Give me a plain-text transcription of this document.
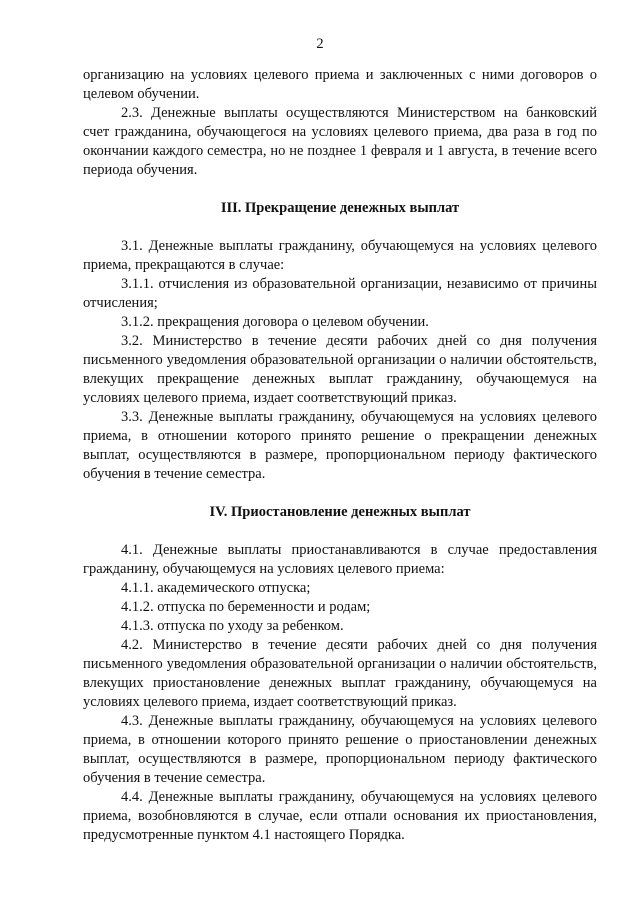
2

организацию на условиях целевого приема и заключенных с ними договоров о целевом обучении.

2.3. Денежные выплаты осуществляются Министерством на банковский счет гражданина, обучающегося на условиях целевого приема, два раза в год по окончании каждого семестра, но не позднее 1 февраля и 1 августа, в течение всего периода обучения.

III. Прекращение денежных выплат

3.1. Денежные выплаты гражданину, обучающемуся на условиях целевого приема, прекращаются в случае:

3.1.1. отчисления из образовательной организации, независимо от причины отчисления;

3.1.2. прекращения договора о целевом обучении.

3.2. Министерство в течение десяти рабочих дней со дня получения письменного уведомления образовательной организации о наличии обстоятельств, влекущих прекращение денежных выплат гражданину, обучающемуся на условиях целевого приема, издает соответствующий приказ.

3.3. Денежные выплаты гражданину, обучающемуся на условиях целевого приема, в отношении которого принято решение о прекращении денежных выплат, осуществляются в размере, пропорциональном периоду фактического обучения в течение семестра.

IV. Приостановление денежных выплат

4.1. Денежные выплаты приостанавливаются в случае предоставления гражданину, обучающемуся на условиях целевого приема:

4.1.1. академического отпуска;

4.1.2. отпуска по беременности и родам;

4.1.3. отпуска по уходу за ребенком.

4.2. Министерство в течение десяти рабочих дней со дня получения письменного уведомления образовательной организации о наличии обстоятельств, влекущих приостановление денежных выплат гражданину, обучающемуся на условиях целевого приема, издает соответствующий приказ.

4.3. Денежные выплаты гражданину, обучающемуся на условиях целевого приема, в отношении которого принято решение о приостановлении денежных выплат, осуществляются в размере, пропорциональном периоду фактического обучения в течение семестра.

4.4. Денежные выплаты гражданину, обучающемуся на условиях целевого приема, возобновляются в случае, если отпали основания их приостановления, предусмотренные пунктом 4.1 настоящего Порядка.
